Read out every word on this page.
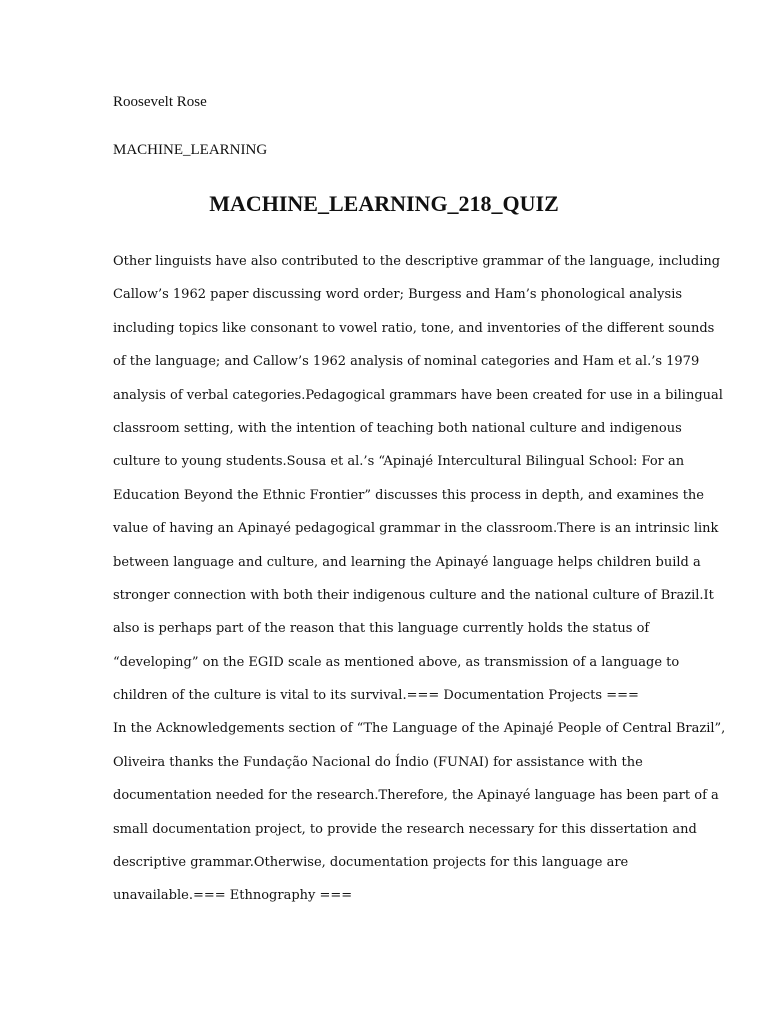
Roosevelt Rose
MACHINE_LEARNING
MACHINE_LEARNING_218_QUIZ
Other linguists have also contributed to the descriptive grammar of the language, including
Callow’s 1962 paper discussing word order; Burgess and Ham’s phonological analysis
including topics like consonant to vowel ratio, tone, and inventories of the different sounds
of the language; and Callow’s 1962 analysis of nominal categories and Ham et al.’s 1979
analysis of verbal categories.Pedagogical grammars have been created for use in a bilingual
classroom setting, with the intention of teaching both national culture and indigenous
culture to young students.Sousa et al.’s “Apinajé Intercultural Bilingual School: For an
Education Beyond the Ethnic Frontier” discusses this process in depth, and examines the
value of having an Apinayé pedagogical grammar in the classroom.There is an intrinsic link
between language and culture, and learning the Apinayé language helps children build a
stronger connection with both their indigenous culture and the national culture of Brazil.It
also is perhaps part of the reason that this language currently holds the status of
“developing” on the EGID scale as mentioned above, as transmission of a language to
children of the culture is vital to its survival.=== Documentation Projects ===
In the Acknowledgements section of “The Language of the Apinajé People of Central Brazil”,
Oliveira thanks the Fundação Nacional do Índio (FUNAI) for assistance with the
documentation needed for the research.Therefore, the Apinayé language has been part of a
small documentation project, to provide the research necessary for this dissertation and
descriptive grammar.Otherwise, documentation projects for this language are
unavailable.=== Ethnography ===
